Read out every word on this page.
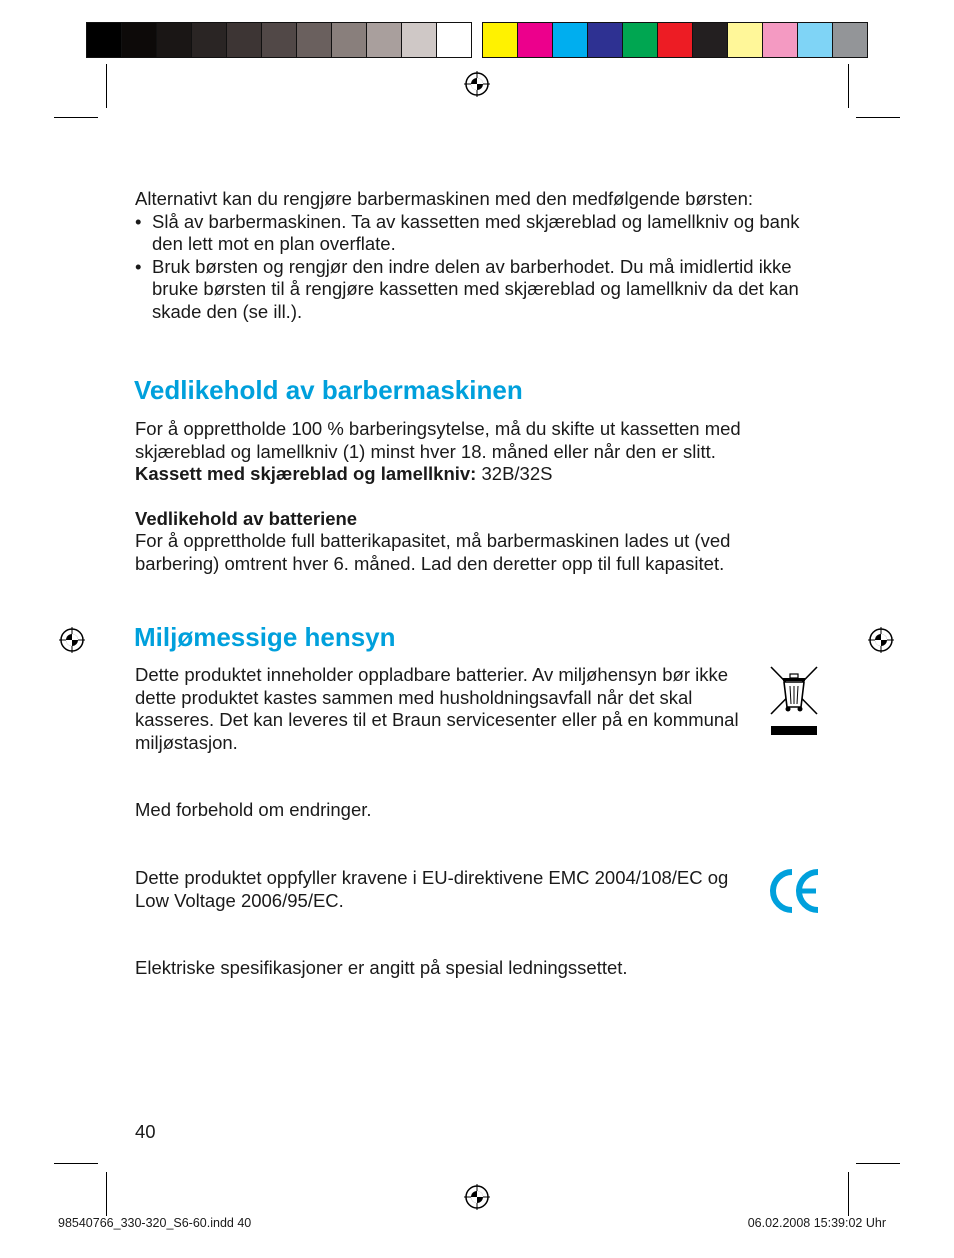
Alternativt kan du rengjøre barbermaskinen med den medfølgende børsten:
• Slå av barbermaskinen. Ta av kassetten med skjæreblad og lamellkniv og bank den lett mot en plan overflate.
• Bruk børsten og rengjør den indre delen av barberhodet. Du må imidlertid ikke bruke børsten til å rengjøre kassetten med skjæreblad og lamellkniv da det kan skade den (se ill.).
Vedlikehold av barbermaskinen
For å opprettholde 100 % barberingsytelse, må du skifte ut kassetten med skjæreblad og lamellkniv (1) minst hver 18. måned eller når den er slitt.
Kassett med skjæreblad og lamellkniv: 32B/32S
Vedlikehold av batteriene
For å opprettholde full batterikapasitet, må barbermaskinen lades ut (ved barbering) omtrent hver 6. måned. Lad den deretter opp til full kapasitet.
Miljømessige hensyn
Dette produktet inneholder oppladbare batterier. Av miljøhensyn bør ikke dette produktet kastes sammen med husholdningsavfall når det skal kasseres. Det kan leveres til et Braun servicesenter eller på en kommunal miljøstasjon.
Med forbehold om endringer.
Dette produktet oppfyller kravene i EU-direktivene EMC 2004/108/EC og Low Voltage 2006/95/EC.
Elektriske spesifikasjoner er angitt på spesial ledningssettet.
40
98540766_330-320_S6-60.indd 40	06.02.2008 15:39:02 Uhr
